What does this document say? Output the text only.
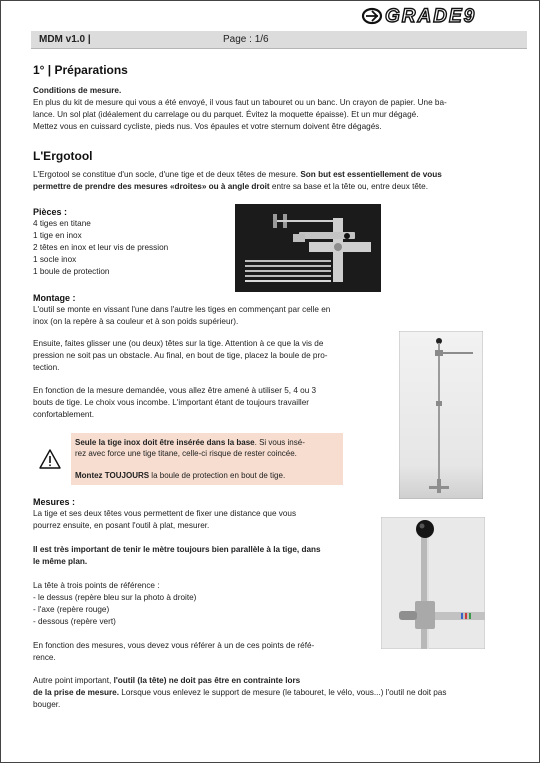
GRADE9
MDM v1.0 |	Page : 1/6
1° | Préparations
Conditions de mesure.
En plus du kit de mesure qui vous a été envoyé, il vous faut un tabouret ou un banc. Un crayon de papier. Une ba-
lance. Un sol plat (idéalement du carrelage ou du parquet. Évitez la moquette épaisse). Et un mur dégagé.
Mettez vous en cuissard cycliste, pieds nus. Vos épaules et votre sternum doivent être dégagés.
L'Ergotool
L'Ergotool se constitue d'un socle, d'une tige et de deux têtes de mesure. Son but est essentiellement de vous
permettre de prendre des mesures «droites» ou à angle droit entre sa base et la tête ou, entre deux tête.
Pièces :
4 tiges en titane
1 tige en inox
2 têtes en inox et leur vis de pression
1 socle inox
1 boule de protection
Montage :
L'outil se monte en vissant l'une dans l'autre les tiges en commençant par celle en
inox (on la repère à sa couleur et à son poids supérieur).
Ensuite, faites glisser une (ou deux) têtes sur la tige. Attention à ce que la vis de
pression ne soit pas un obstacle. Au final, en bout de tige, placez la boule de pro-
tection.
En fonction de la mesure demandée, vous allez être amené à utiliser 5, 4 ou 3
bouts de tige. Le choix vous incombe. L'important étant de toujours travailler
confortablement.
Seule la tige inox doit être insérée dans la base. Si vous insé-
rez avec force une tige titane, celle-ci risque de rester coincée.
Montez TOUJOURS la boule de protection en bout de tige.
Mesures :
La tige et ses deux têtes vous permettent de fixer une distance que vous
pourrez ensuite, en posant l'outil à plat, mesurer.
Il est très important de tenir le mètre toujours bien parallèle à la tige, dans
le même plan.
La tête à trois points de référence :
- le dessus (repère bleu sur la photo à droite)
- l'axe (repère rouge)
- dessous (repère vert)
En fonction des mesures, vous devez vous référer à un de ces points de réfé-
rence.
Autre point important, l'outil (la tête) ne doit pas être en contrainte lors
de la prise de mesure. Lorsque vous enlevez le support de mesure (le tabouret, le vélo, vous...) l'outil ne doit pas
bouger.
